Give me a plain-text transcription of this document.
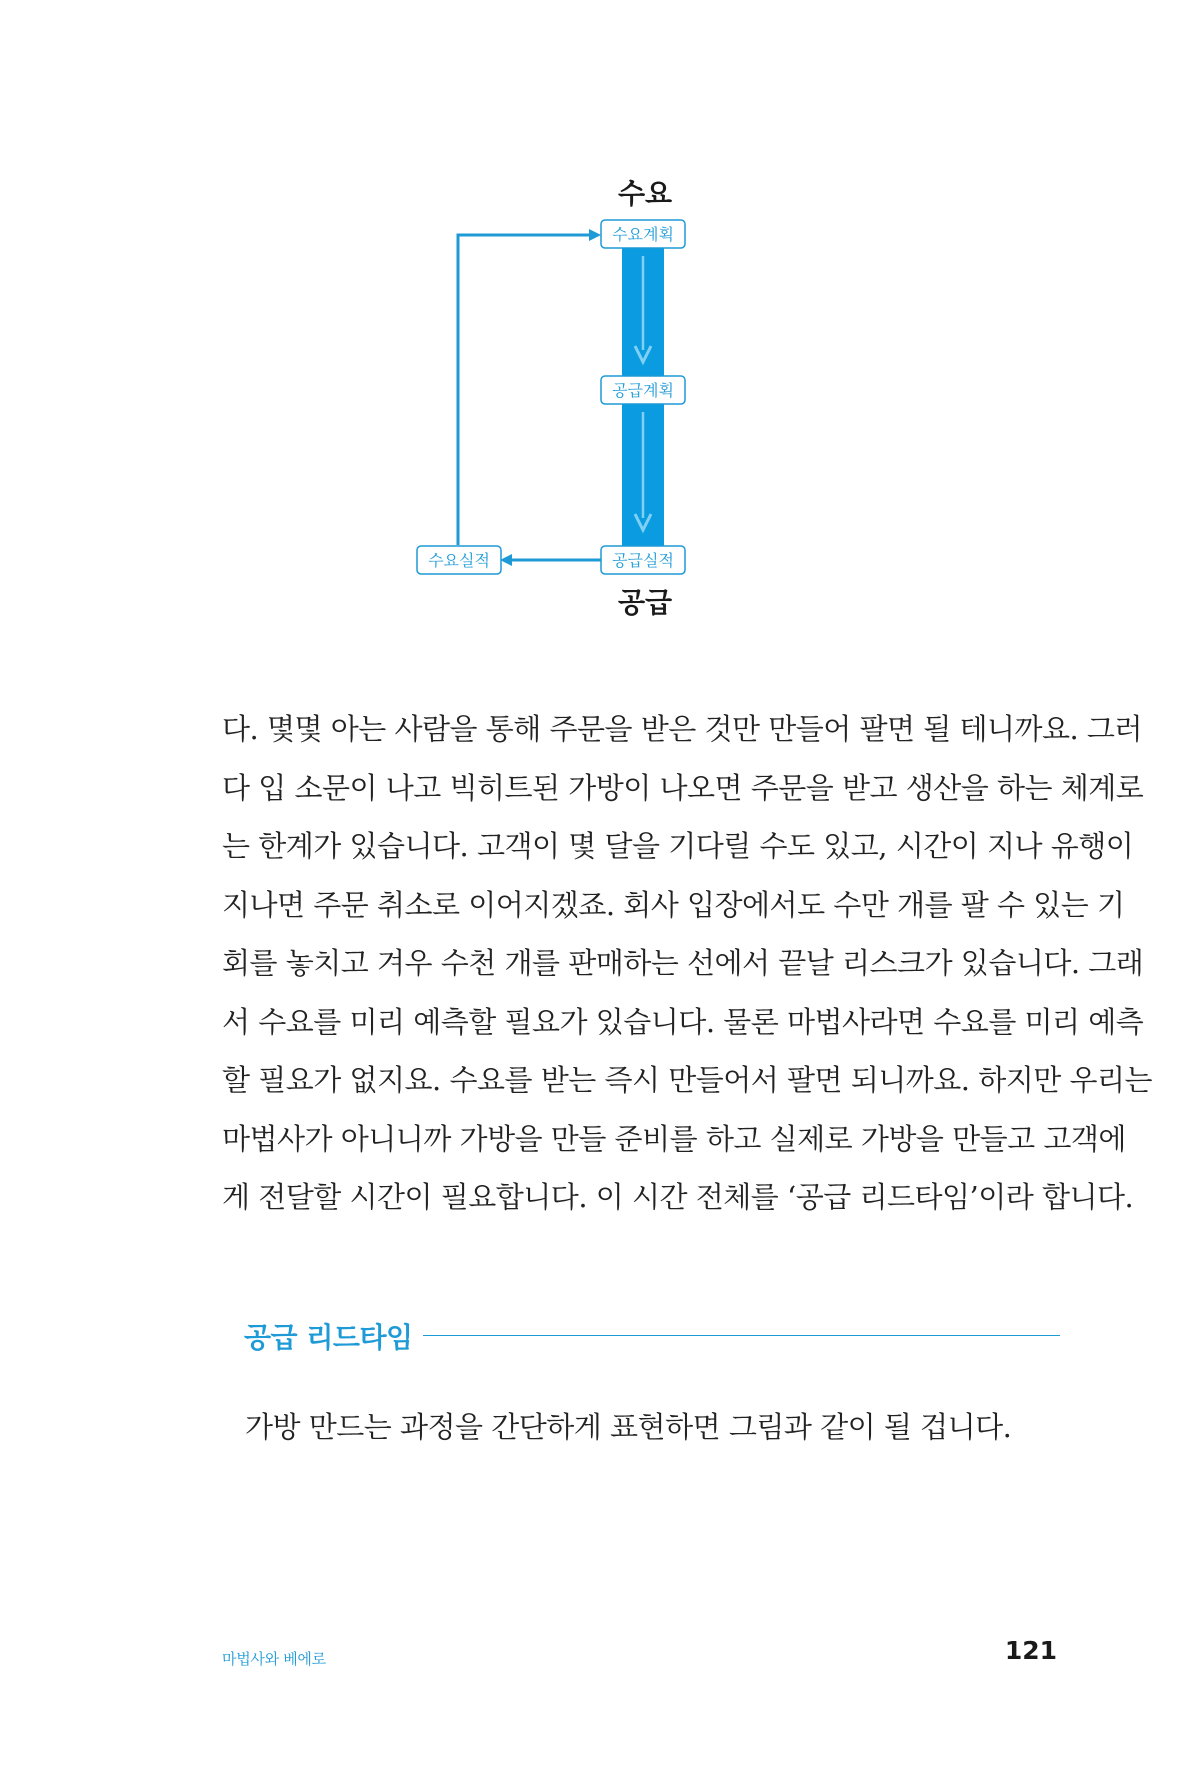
수요
수요계획
공급계획
공급실적
수요실적
공급
다. 몇몇 아는 사람을 통해 주문을 받은 것만 만들어 팔면 될 테니까요. 그러
다 입 소문이 나고 빅히트된 가방이 나오면 주문을 받고 생산을 하는 체계로
는 한계가 있습니다. 고객이 몇 달을 기다릴 수도 있고, 시간이 지나 유행이
지나면 주문 취소로 이어지겠죠. 회사 입장에서도 수만 개를 팔 수 있는 기
회를 놓치고 겨우 수천 개를 판매하는 선에서 끝날 리스크가 있습니다. 그래
서 수요를 미리 예측할 필요가 있습니다. 물론 마법사라면 수요를 미리 예측
할 필요가 없지요. 수요를 받는 즉시 만들어서 팔면 되니까요. 하지만 우리는
마법사가 아니니까 가방을 만들 준비를 하고 실제로 가방을 만들고 고객에
게 전달할 시간이 필요합니다. 이 시간 전체를 ‘공급 리드타임’이라 합니다.
공급 리드타임
가방 만드는 과정을 간단하게 표현하면 그림과 같이 될 겁니다.
마법사와 베에로	121
